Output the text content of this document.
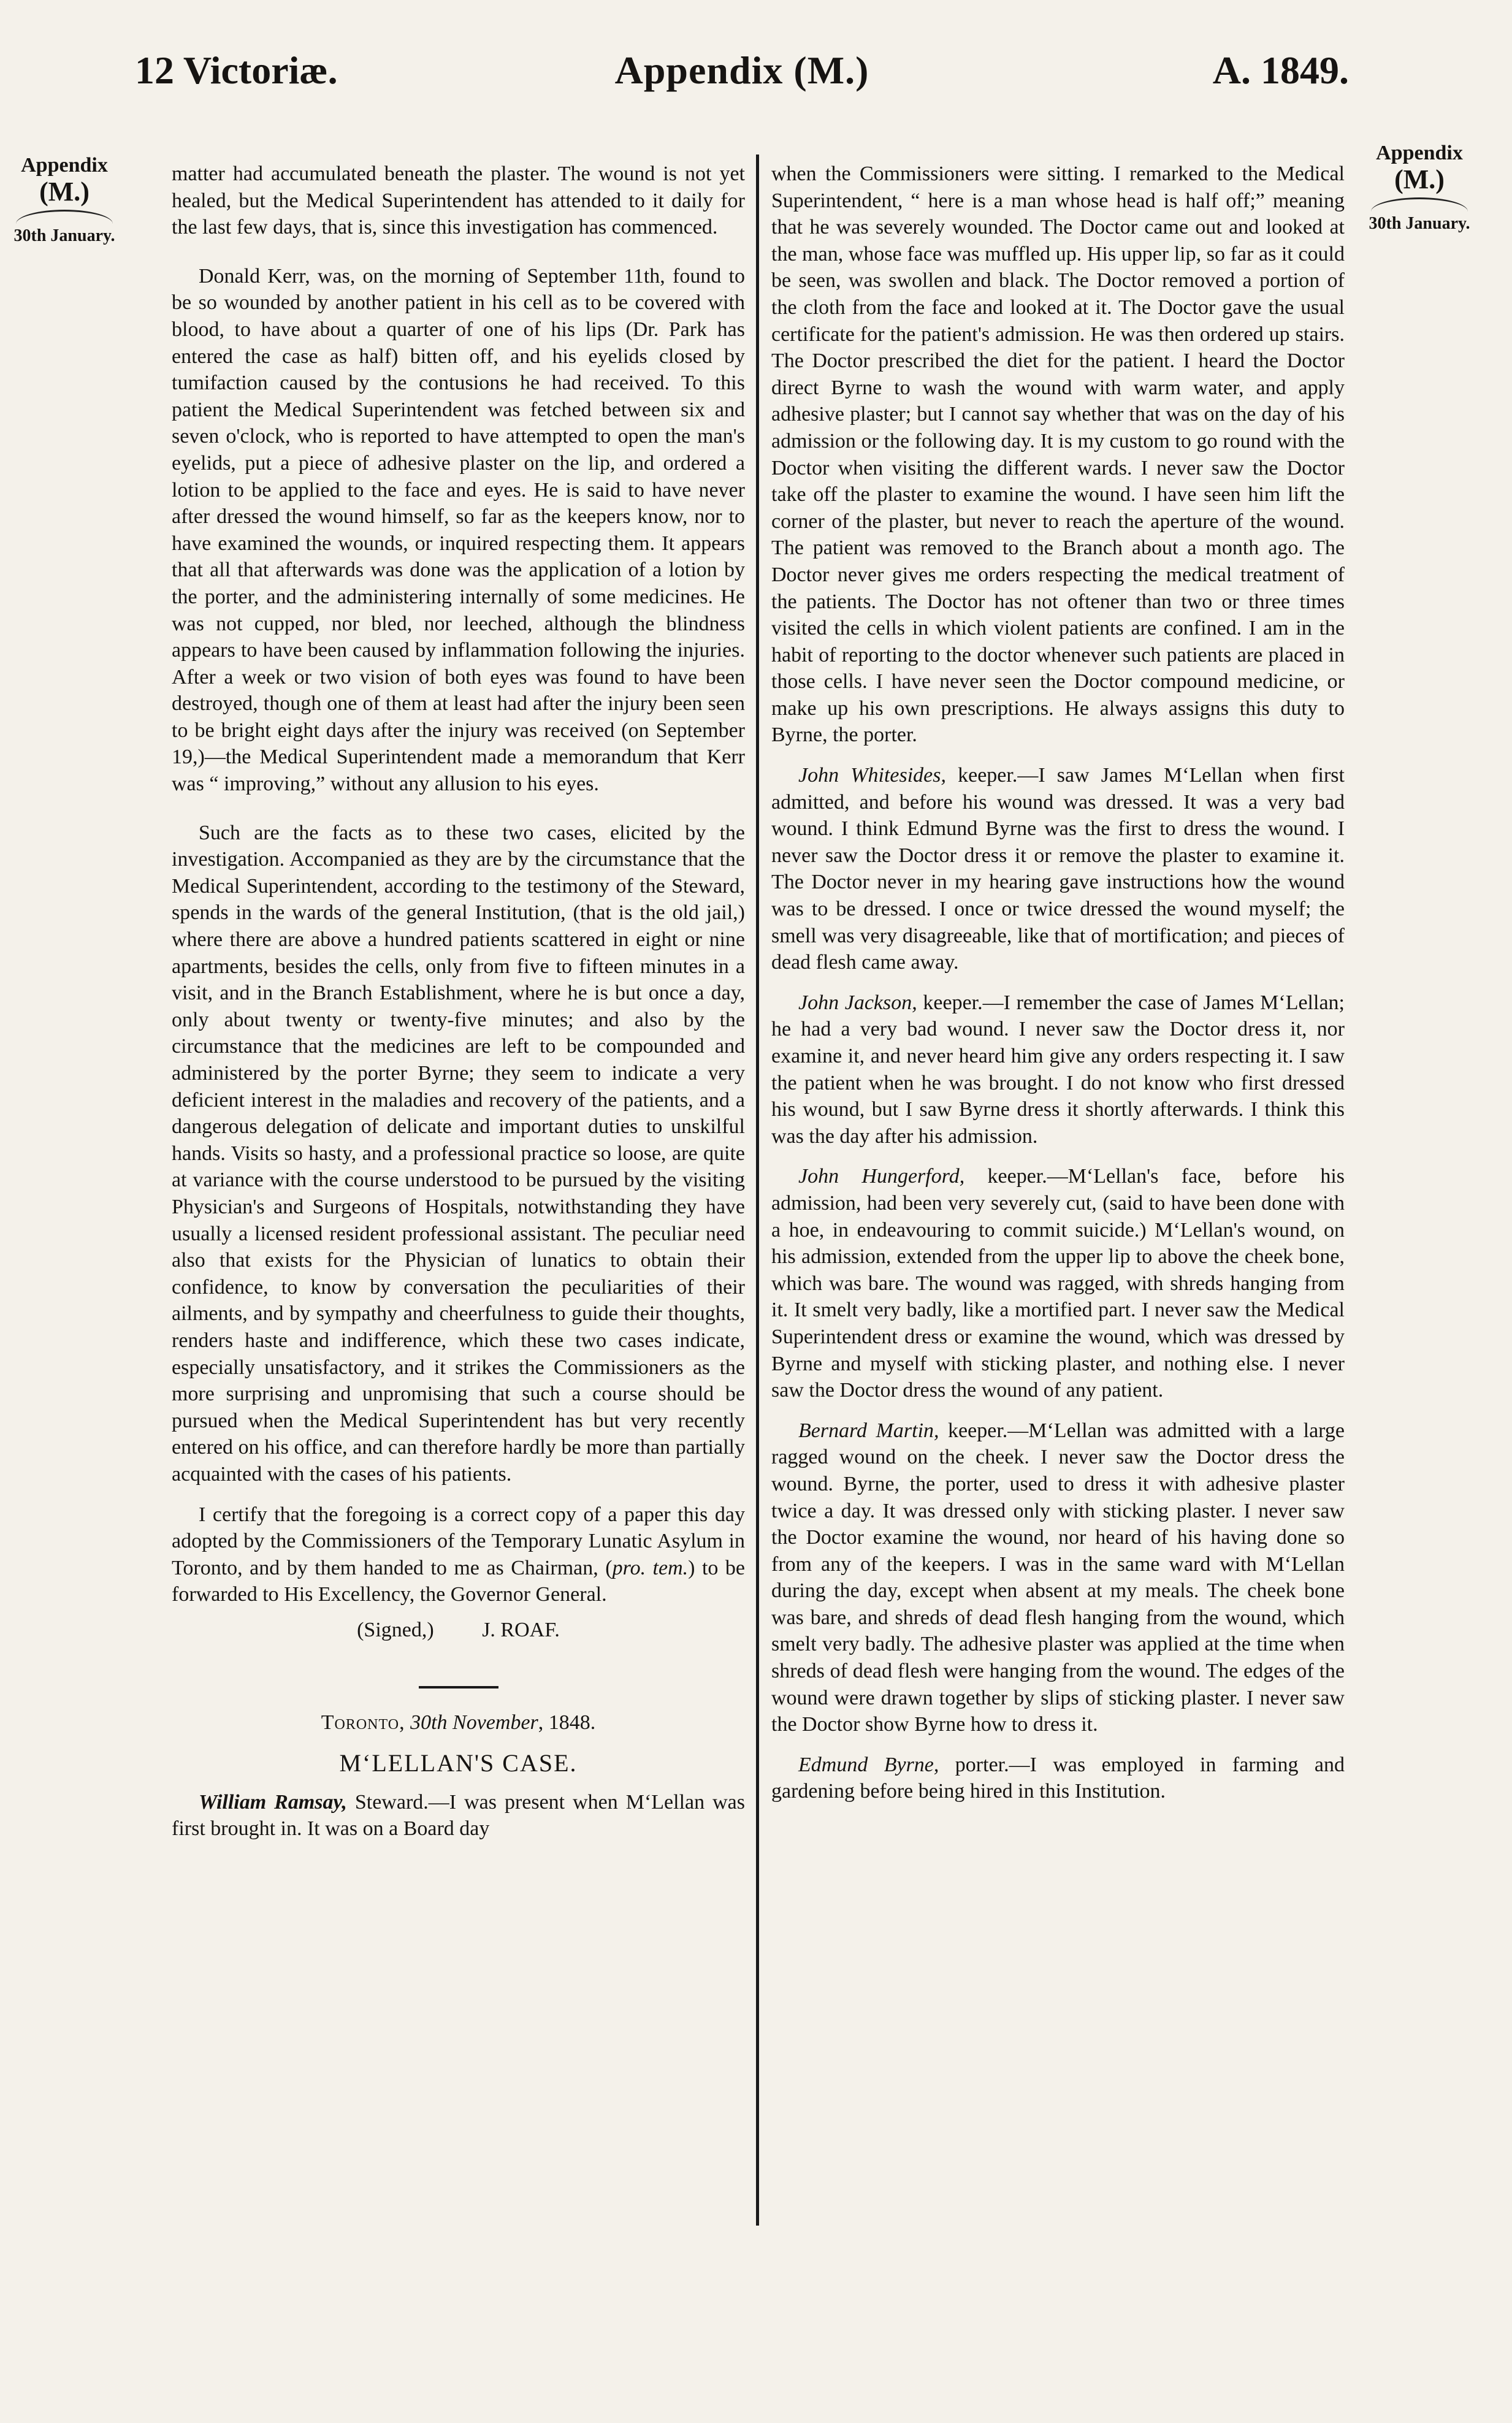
12 Victoriæ.	Appendix (M.)	A. 1849.
Appendix
(M.)
30th January.
Appendix
(M.)
30th January.

matter had accumulated beneath the plaster. The wound is not yet healed, but the Medical Superintendent has attended to it daily for the last few days, that is, since this investigation has commenced.

Donald Kerr, was, on the morning of September 11th, found to be so wounded by another patient in his cell as to be covered with blood, to have about a quarter of one of his lips (Dr. Park has entered the case as half) bitten off, and his eyelids closed by tumifaction caused by the contusions he had received. To this patient the Medical Superintendent was fetched between six and seven o'clock, who is reported to have attempted to open the man's eyelids, put a piece of adhesive plaster on the lip, and ordered a lotion to be applied to the face and eyes. He is said to have never after dressed the wound himself, so far as the keepers know, nor to have examined the wounds, or inquired respecting them. It appears that all that afterwards was done was the application of a lotion by the porter, and the administering internally of some medicines. He was not cupped, nor bled, nor leeched, although the blindness appears to have been caused by inflammation following the injuries. After a week or two vision of both eyes was found to have been destroyed, though one of them at least had after the injury been seen to be bright eight days after the injury was received (on September 19,)—the Medical Superintendent made a memorandum that Kerr was “ improving,” without any allusion to his eyes.

Such are the facts as to these two cases, elicited by the investigation. Accompanied as they are by the circumstance that the Medical Superintendent, according to the testimony of the Steward, spends in the wards of the general Institution, (that is the old jail,) where there are above a hundred patients scattered in eight or nine apartments, besides the cells, only from five to fifteen minutes in a visit, and in the Branch Establishment, where he is but once a day, only about twenty or twenty-five minutes; and also by the circumstance that the medicines are left to be compounded and administered by the porter Byrne; they seem to indicate a very deficient interest in the maladies and recovery of the patients, and a dangerous delegation of delicate and important duties to unskilful hands. Visits so hasty, and a professional practice so loose, are quite at variance with the course understood to be pursued by the visiting Physician's and Surgeons of Hospitals, notwithstanding they have usually a licensed resident professional assistant. The peculiar need also that exists for the Physician of lunatics to obtain their confidence, to know by conversation the peculiarities of their ailments, and by sympathy and cheerfulness to guide their thoughts, renders haste and indifference, which these two cases indicate, especially unsatisfactory, and it strikes the Commissioners as the more surprising and unpromising that such a course should be pursued when the Medical Superintendent has but very recently entered on his office, and can therefore hardly be more than partially acquainted with the cases of his patients.

I certify that the foregoing is a correct copy of a paper this day adopted by the Commissioners of the Temporary Lunatic Asylum in Toronto, and by them handed to me as Chairman, (pro. tem.) to be forwarded to His Excellency, the Governor General.

(Signed,) J. ROAF.
Toronto, 30th November, 1848.
M‘LELLAN'S CASE.

William Ramsay, Steward.—I was present when M‘Lellan was first brought in. It was on a Board day

when the Commissioners were sitting. I remarked to the Medical Superintendent, “ here is a man whose head is half off;” meaning that he was severely wounded. The Doctor came out and looked at the man, whose face was muffled up. His upper lip, so far as it could be seen, was swollen and black. The Doctor removed a portion of the cloth from the face and looked at it. The Doctor gave the usual certificate for the patient's admission. He was then ordered up stairs. The Doctor prescribed the diet for the patient. I heard the Doctor direct Byrne to wash the wound with warm water, and apply adhesive plaster; but I cannot say whether that was on the day of his admission or the following day. It is my custom to go round with the Doctor when visiting the different wards. I never saw the Doctor take off the plaster to examine the wound. I have seen him lift the corner of the plaster, but never to reach the aperture of the wound. The patient was removed to the Branch about a month ago. The Doctor never gives me orders respecting the medical treatment of the patients. The Doctor has not oftener than two or three times visited the cells in which violent patients are confined. I am in the habit of reporting to the doctor whenever such patients are placed in those cells. I have never seen the Doctor compound medicine, or make up his own prescriptions. He always assigns this duty to Byrne, the porter.

John Whitesides, keeper.—I saw James M‘Lellan when first admitted, and before his wound was dressed. It was a very bad wound. I think Edmund Byrne was the first to dress the wound. I never saw the Doctor dress it or remove the plaster to examine it. The Doctor never in my hearing gave instructions how the wound was to be dressed. I once or twice dressed the wound myself; the smell was very disagreeable, like that of mortification; and pieces of dead flesh came away.

John Jackson, keeper.—I remember the case of James M‘Lellan; he had a very bad wound. I never saw the Doctor dress it, nor examine it, and never heard him give any orders respecting it. I saw the patient when he was brought. I do not know who first dressed his wound, but I saw Byrne dress it shortly afterwards. I think this was the day after his admission.

John Hungerford, keeper.—M‘Lellan's face, before his admission, had been very severely cut, (said to have been done with a hoe, in endeavouring to commit suicide.) M‘Lellan's wound, on his admission, extended from the upper lip to above the cheek bone, which was bare. The wound was ragged, with shreds hanging from it. It smelt very badly, like a mortified part. I never saw the Medical Superintendent dress or examine the wound, which was dressed by Byrne and myself with sticking plaster, and nothing else. I never saw the Doctor dress the wound of any patient.

Bernard Martin, keeper.—M‘Lellan was admitted with a large ragged wound on the cheek. I never saw the Doctor dress the wound. Byrne, the porter, used to dress it with adhesive plaster twice a day. It was dressed only with sticking plaster. I never saw the Doctor examine the wound, nor heard of his having done so from any of the keepers. I was in the same ward with M‘Lellan during the day, except when absent at my meals. The cheek bone was bare, and shreds of dead flesh hanging from the wound, which smelt very badly. The adhesive plaster was applied at the time when shreds of dead flesh were hanging from the wound. The edges of the wound were drawn together by slips of sticking plaster. I never saw the Doctor show Byrne how to dress it.

Edmund Byrne, porter.—I was employed in farming and gardening before being hired in this Institution.
